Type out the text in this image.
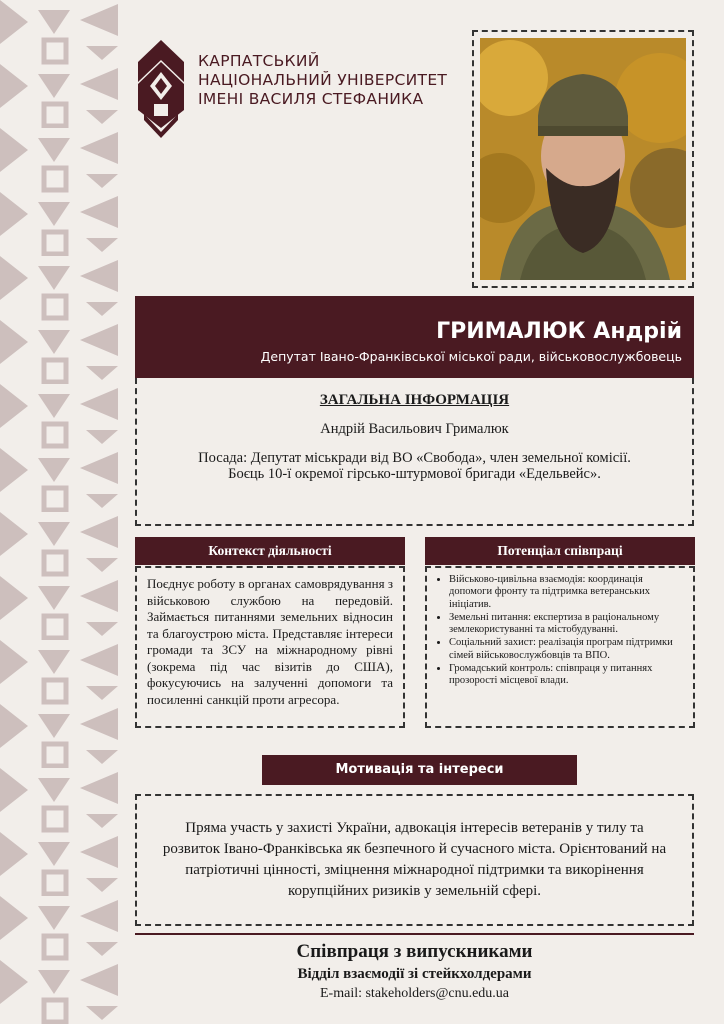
КАРПАТСЬКИЙ
НАЦІОНАЛЬНИЙ УНІВЕРСИТЕТ
ІМЕНІ ВАСИЛЯ СТЕФАНИКА
ГРИМАЛЮК Андрій
Депутат Івано-Франківської міської ради, військовослужбовець
ЗАГАЛЬНА ІНФОРМАЦІЯ
Андрій Васильович Грималюк
Посада: Депутат міськради від ВО «Свобода», член земельної комісії.
Боєць 10-ї окремої гірсько-штурмової бригади «Едельвейс».
Контекст діяльності

Поєднує роботу в органах самоврядування з військовою службою на передовій. Займається питаннями земельних відносин та благоустрою міста. Представляє інтереси громади та ЗСУ на міжнародному рівні (зокрема під час візитів до США), фокусуючись на залученні допомоги та посиленні санкцій проти агресора.

Потенціал співпраці
• Військово-цивільна взаємодія: координація допомоги фронту та підтримка ветеранських ініціатив.
• Земельні питання: експертиза в раціональному землекористуванні та містобудуванні.
• Соціальний захист: реалізація програм підтримки сімей військовослужбовців та ВПО.
• Громадський контроль: співпраця у питаннях прозорості місцевої влади.
Мотивація та інтереси

Пряма участь у захисті України, адвокація інтересів ветеранів у тилу та розвиток Івано-Франківська як безпечного й сучасного міста. Орієнтований на патріотичні цінності, зміцнення міжнародної підтримки та викорінення корупційних ризиків у земельній сфері.

Співпраця з випускниками
Відділ взаємодії зі стейкхолдерами
E-mail: stakeholders@cnu.edu.ua
